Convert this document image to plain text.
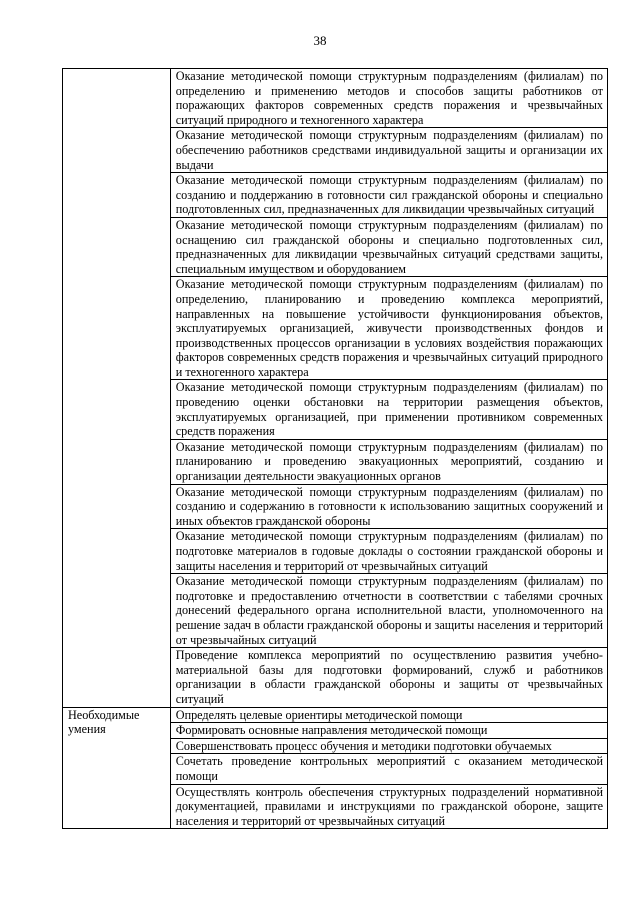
38
	Оказание методической помощи структурным подразделениям (филиалам) по определению и применению методов и способов защиты работников от поражающих факторов современных средств поражения и чрезвычайных ситуаций природного и техногенного характера
	Оказание методической помощи структурным подразделениям (филиалам) по обеспечению работников средствами индивидуальной защиты и организации их выдачи
	Оказание методической помощи структурным подразделениям (филиалам) по созданию и поддержанию в готовности сил гражданской обороны и специально подготовленных сил, предназначенных для ликвидации чрезвычайных ситуаций
	Оказание методической помощи структурным подразделениям (филиалам) по оснащению сил гражданской обороны и специально подготовленных сил, предназначенных для ликвидации чрезвычайных ситуаций средствами защиты, специальным имуществом и оборудованием
	Оказание методической помощи структурным подразделениям (филиалам) по определению, планированию и проведению комплекса мероприятий, направленных на повышение устойчивости функционирования объектов, эксплуатируемых организацией, живучести производственных фондов и производственных процессов организации в условиях воздействия поражающих факторов современных средств поражения и чрезвычайных ситуаций природного и техногенного характера
	Оказание методической помощи структурным подразделениям (филиалам) по проведению оценки обстановки на территории размещения объектов, эксплуатируемых организацией, при применении противником современных средств поражения
	Оказание методической помощи структурным подразделениям (филиалам) по планированию и проведению эвакуационных мероприятий, созданию и организации деятельности эвакуационных органов
	Оказание методической помощи структурным подразделениям (филиалам) по созданию и содержанию в готовности к использованию защитных сооружений и иных объектов гражданской обороны
	Оказание методической помощи структурным подразделениям (филиалам) по подготовке материалов в годовые доклады о состоянии гражданской обороны и защиты населения и территорий от чрезвычайных ситуаций
	Оказание методической помощи структурным подразделениям (филиалам) по подготовке и предоставлению отчетности в соответствии с табелями срочных донесений федерального органа исполнительной власти, уполномоченного на решение задач в области гражданской обороны и защиты населения и территорий от чрезвычайных ситуаций
	Проведение комплекса мероприятий по осуществлению развития учебно-материальной базы для подготовки формирований, служб и работников организации в области гражданской обороны и защиты от чрезвычайных ситуаций
Необходимые умения	Определять целевые ориентиры методической помощи
	Формировать основные направления методической помощи
	Совершенствовать процесс обучения и методики подготовки обучаемых
	Сочетать проведение контрольных мероприятий с оказанием методической помощи
	Осуществлять контроль обеспечения структурных подразделений нормативной документацией, правилами и инструкциями по гражданской обороне, защите населения и территорий от чрезвычайных ситуаций
